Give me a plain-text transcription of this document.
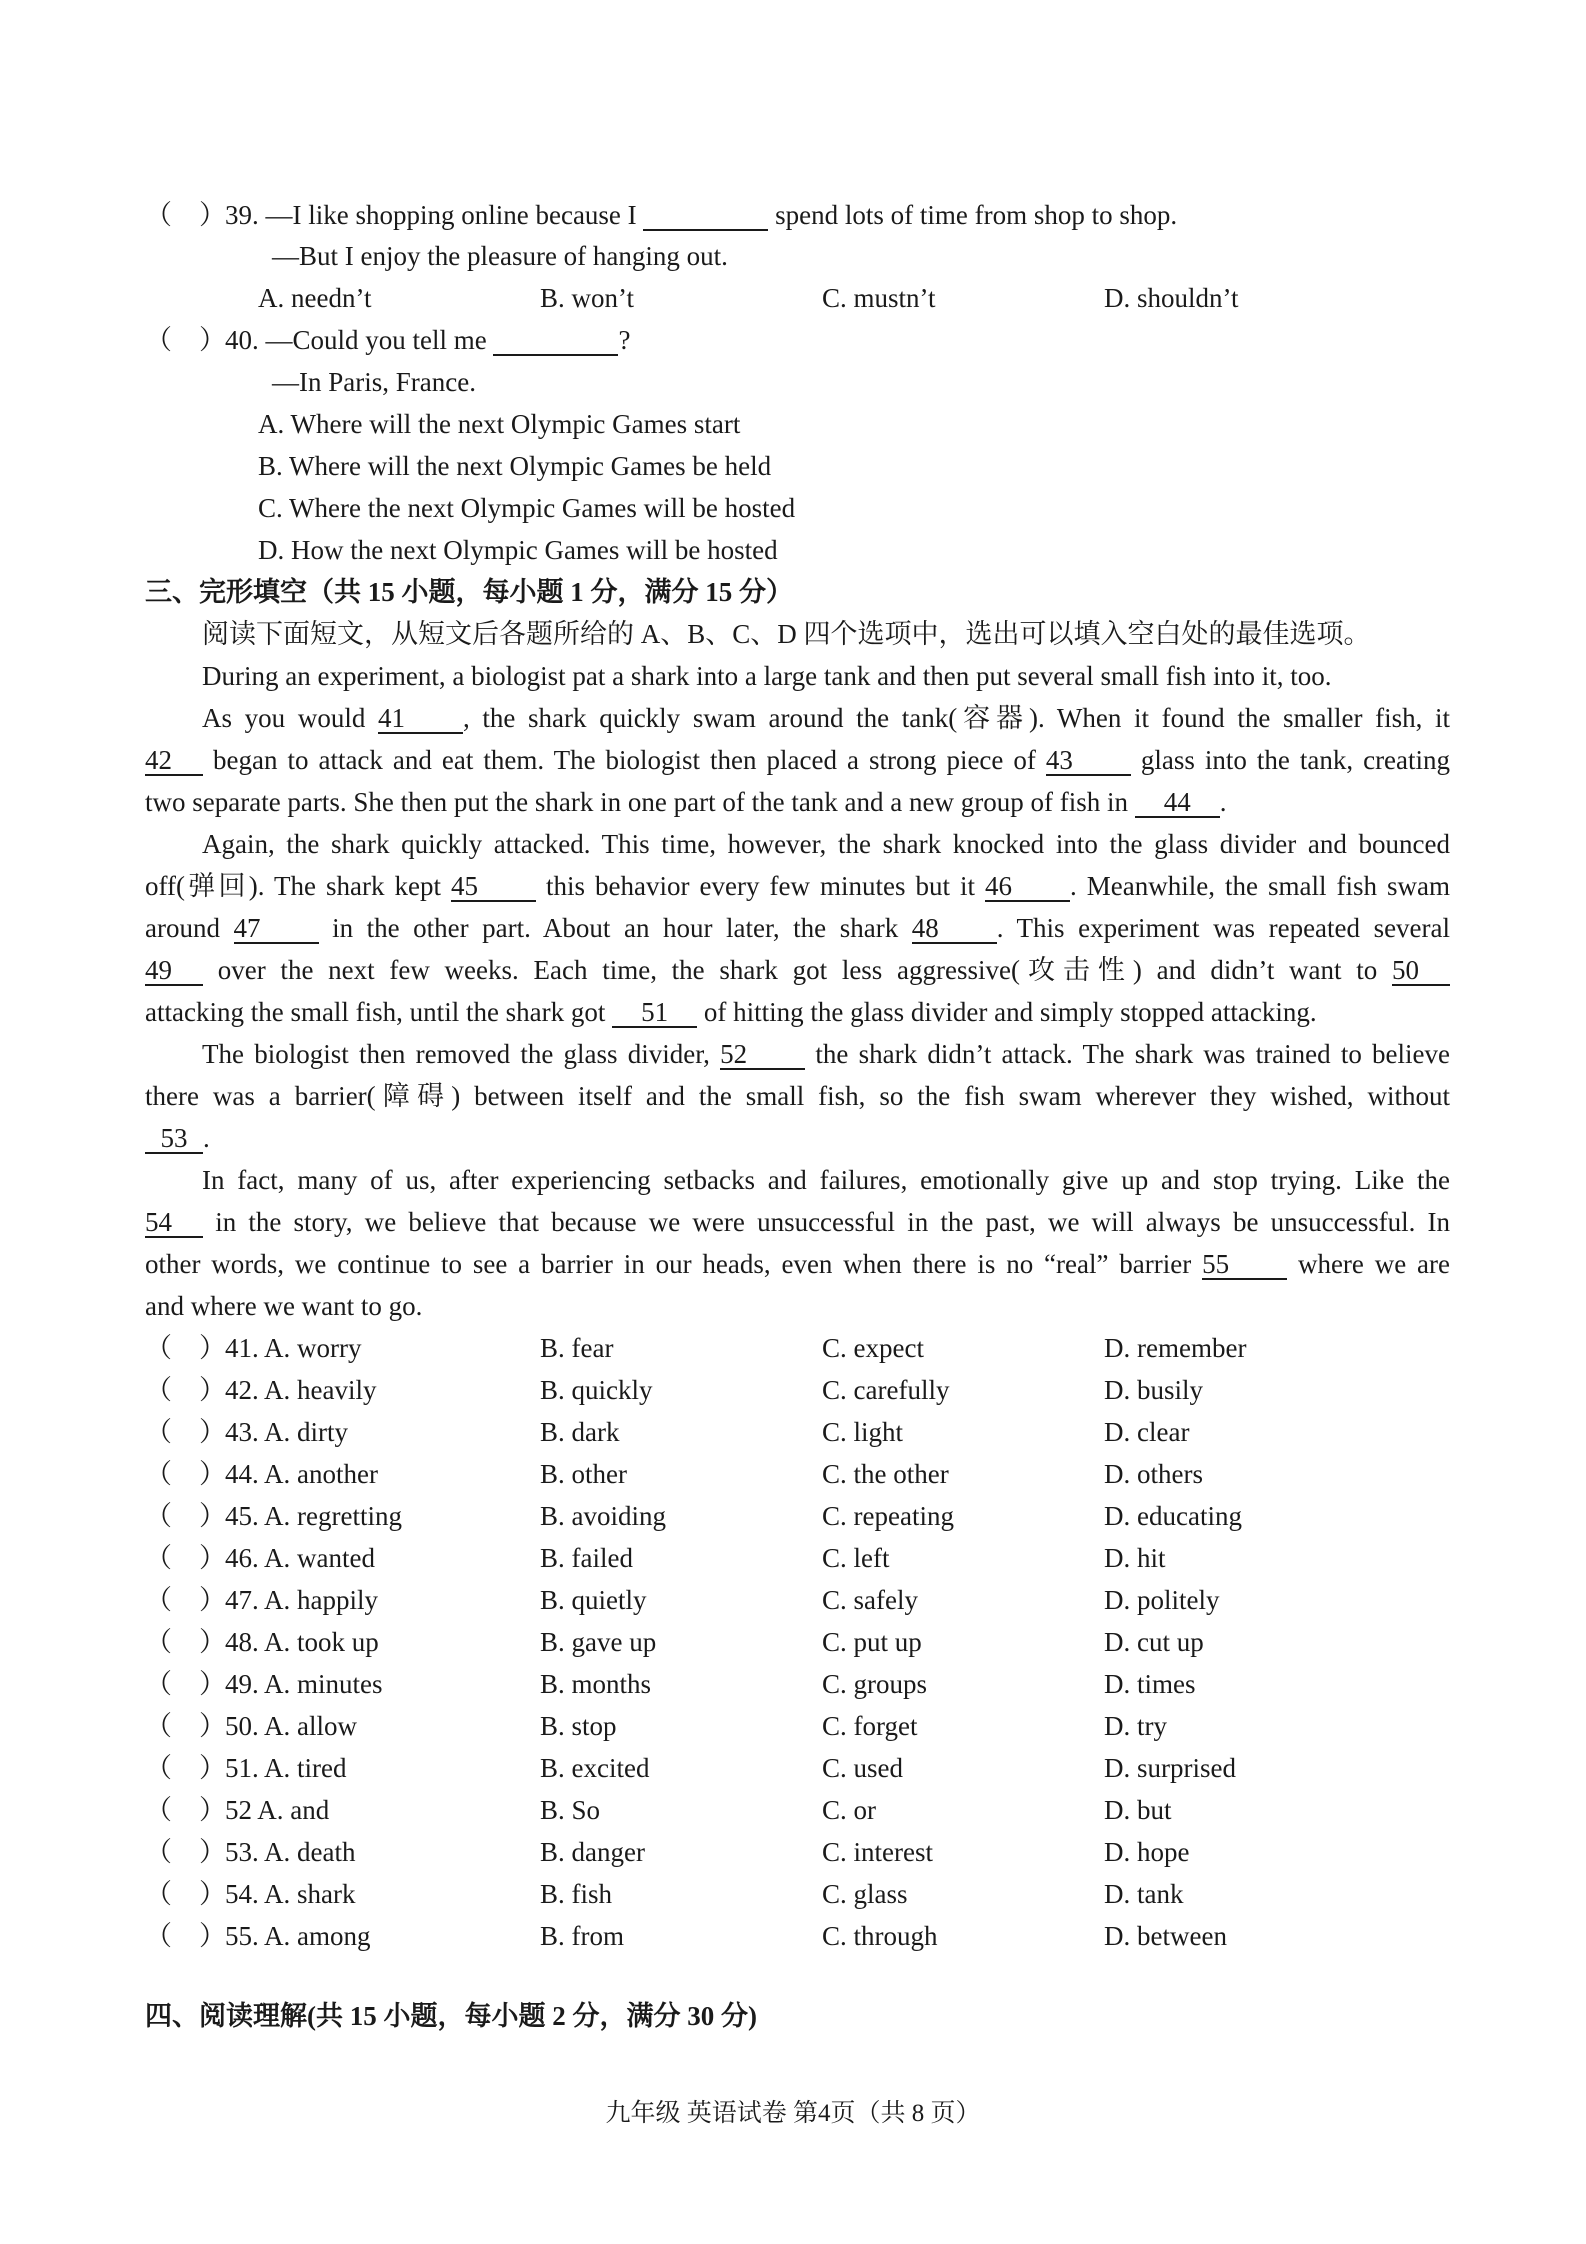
（　）39. —I like shopping online because I	spend lots of time from shop to shop.
—But I enjoy the pleasure of hanging out.
A. needn’t	B. won’t	C. mustn’t	D. shouldn’t
（　）40. —Could you tell me	?
—In Paris, France.
A. Where will the next Olympic Games start
B. Where will the next Olympic Games be held
C. Where the next Olympic Games will be hosted
D. How the next Olympic Games will be hosted
三、完形填空（共 15 小题，每小题 1 分，满分 15 分）
阅读下面短文，从短文后各题所给的 A、B、C、D 四个选项中，选出可以填入空白处的最佳选项。
During an experiment, a biologist pat a shark into a large tank and then put several small fish into it, too.
As you would 41 , the shark quickly swam around the tank(容器). When it found the smaller fish, it
42 began to attack and eat them. The biologist then placed a strong piece of 43	glass into the tank, creating
two separate parts. She then put the shark in one part of the tank and a new group of fish in 44 .
Again, the shark quickly attacked. This time, however, the shark knocked into the glass divider and bounced
off(弹回). The shark kept 45	this behavior every few minutes but it 46 . Meanwhile, the small fish swam
around 47	in the other part. About an hour later, the shark 48 . This experiment was repeated several
49 over the next few weeks. Each time, the shark got less aggressive(攻击性) and didn’t want to 50
attacking the small fish, until the shark got 51 of hitting the glass divider and simply stopped attacking.
The biologist then removed the glass divider, 52	the shark didn’t attack. The shark was trained to believe
there was a barrier(障碍) between itself and the small fish, so the fish swam wherever they wished, without
53 .
In fact, many of us, after experiencing setbacks and failures, emotionally give up and stop trying. Like the
54 in the story, we believe that because we were unsuccessful in the past, we will always be unsuccessful. In
other words, we continue to see a barrier in our heads, even when there is no “real” barrier 55	where we are
and where we want to go.
（　）41. A. worry	B. fear	C. expect	D. remember
（　）42. A. heavily	B. quickly	C. carefully	D. busily
（　）43. A. dirty	B. dark	C. light	D. clear
（　）44. A. another	B. other	C. the other	D. others
（　）45. A. regretting	B. avoiding	C. repeating	D. educating
（　）46. A. wanted	B. failed	C. left	D. hit
（　）47. A. happily	B. quietly	C. safely	D. politely
（　）48. A. took up	B. gave up	C. put up	D. cut up
（　）49. A. minutes	B. months	C. groups	D. times
（　）50. A. allow	B. stop	C. forget	D. try
（　）51. A. tired	B. excited	C. used	D. surprised
（　）52 A. and	B. So	C. or	D. but
（　）53. A. death	B. danger	C. interest	D. hope
（　）54. A. shark	B. fish	C. glass	D. tank
（　）55. A. among	B. from	C. through	D. between
四、阅读理解(共 15 小题，每小题 2 分，满分 30 分)
九年级 英语试卷 第4页（共 8 页）
